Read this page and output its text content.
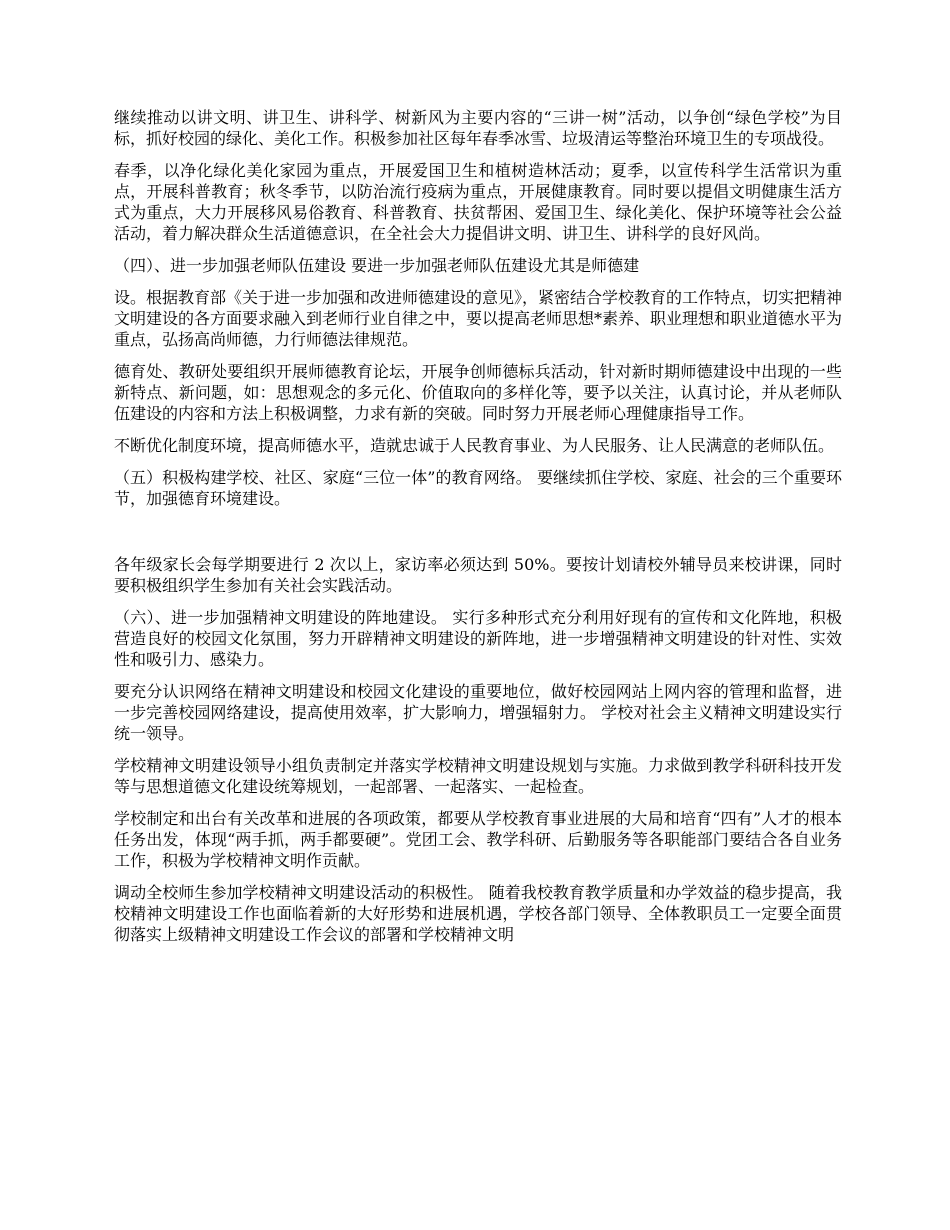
继续推动以讲文明、讲卫生、讲科学、树新风为主要内容的“三讲一树”活动，以争创“绿色学校”为目标，抓好校园的绿化、美化工作。积极参加社区每年春季冰雪、垃圾清运等整治环境卫生的专项战役。

春季，以净化绿化美化家园为重点，开展爱国卫生和植树造林活动；夏季，以宣传科学生活常识为重点，开展科普教育；秋冬季节，以防治流行疫病为重点，开展健康教育。同时要以提倡文明健康生活方式为重点，大力开展移风易俗教育、科普教育、扶贫帮困、爱国卫生、绿化美化、保护环境等社会公益活动，着力解决群众生活道德意识，在全社会大力提倡讲文明、讲卫生、讲科学的良好风尚。

（四）、进一步加强老师队伍建设 要进一步加强老师队伍建设尤其是师德建

设。根据教育部《关于进一步加强和改进师德建设的意见》，紧密结合学校教育的工作特点，切实把精神文明建设的各方面要求融入到老师行业自律之中，要以提高老师思想*素养、职业理想和职业道德水平为重点，弘扬高尚师德，力行师德法律规范。

德育处、教研处要组织开展师德教育论坛，开展争创师德标兵活动，针对新时期师德建设中出现的一些新特点、新问题，如：思想观念的多元化、价值取向的多样化等，要予以关注，认真讨论，并从老师队伍建设的内容和方法上积极调整，力求有新的突破。同时努力开展老师心理健康指导工作。

不断优化制度环境，提高师德水平，造就忠诚于人民教育事业、为人民服务、让人民满意的老师队伍。

（五）积极构建学校、社区、家庭“三位一体”的教育网络。 要继续抓住学校、家庭、社会的三个重要环节，加强德育环境建设。

各年级家长会每学期要进行 2 次以上，家访率必须达到 50%。要按计划请校外辅导员来校讲课，同时要积极组织学生参加有关社会实践活动。

（六）、进一步加强精神文明建设的阵地建设。 实行多种形式充分利用好现有的宣传和文化阵地，积极营造良好的校园文化氛围，努力开辟精神文明建设的新阵地，进一步增强精神文明建设的针对性、实效性和吸引力、感染力。

要充分认识网络在精神文明建设和校园文化建设的重要地位，做好校园网站上网内容的管理和监督，进一步完善校园网络建设，提高使用效率，扩大影响力，增强辐射力。 学校对社会主义精神文明建设实行统一领导。

学校精神文明建设领导小组负责制定并落实学校精神文明建设规划与实施。力求做到教学科研科技开发等与思想道德文化建设统筹规划，一起部署、一起落实、一起检查。

学校制定和出台有关改革和进展的各项政策，都要从学校教育事业进展的大局和培育“四有”人才的根本任务出发，体现“两手抓，两手都要硬”。党团工会、教学科研、后勤服务等各职能部门要结合各自业务工作，积极为学校精神文明作贡献。

调动全校师生参加学校精神文明建设活动的积极性。 随着我校教育教学质量和办学效益的稳步提高，我校精神文明建设工作也面临着新的大好形势和进展机遇，学校各部门领导、全体教职员工一定要全面贯彻落实上级精神文明建设工作会议的部署和学校精神文明
